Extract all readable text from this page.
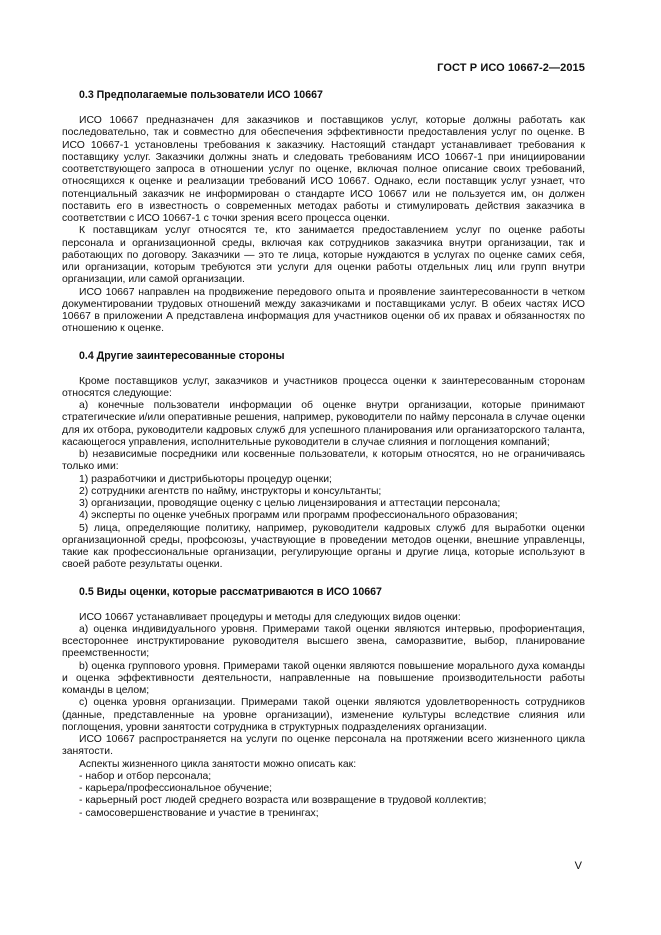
ГОСТ Р ИСО 10667-2—2015
0.3 Предполагаемые пользователи ИСО 10667

ИСО 10667 предназначен для заказчиков и поставщиков услуг, которые должны работать как последовательно, так и совместно для обеспечения эффективности предоставления услуг по оценке. В ИСО 10667-1 установлены требования к заказчику. Настоящий стандарт устанавливает требования к поставщику услуг. Заказчики должны знать и следовать требованиям ИСО 10667-1 при инициировании соответствующего запроса в отношении услуг по оценке, включая полное описание своих требований, относящихся к оценке и реализации требований ИСО 10667. Однако, если поставщик услуг узнает, что потенциальный заказчик не информирован о стандарте ИСО 10667 или не пользуется им, он должен поставить его в известность о современных методах работы и стимулировать действия заказчика в соответствии с ИСО 10667-1 с точки зрения всего процесса оценки.

К поставщикам услуг относятся те, кто занимается предоставлением услуг по оценке работы персонала и организационной среды, включая как сотрудников заказчика внутри организации, так и работающих по договору. Заказчики — это те лица, которые нуждаются в услугах по оценке самих себя, или организации, которым требуются эти услуги для оценки работы отдельных лиц или групп внутри организации, или самой организации.

ИСО 10667 направлен на продвижение передового опыта и проявление заинтересованности в четком документировании трудовых отношений между заказчиками и поставщиками услуг. В обеих частях ИСО 10667 в приложении А представлена информация для участников оценки об их правах и обязанностях по отношению к оценке.

0.4 Другие заинтересованные стороны

Кроме поставщиков услуг, заказчиков и участников процесса оценки к заинтересованным сторонам относятся следующие:

a) конечные пользователи информации об оценке внутри организации, которые принимают стратегические и/или оперативные решения, например, руководители по найму персонала в случае оценки для их отбора, руководители кадровых служб для успешного планирования или организаторского таланта, касающегося управления, исполнительные руководители в случае слияния и поглощения компаний;

b) независимые посредники или косвенные пользователи, к которым относятся, но не ограничиваясь только ими:

1) разработчики и дистрибьюторы процедур оценки;

2) сотрудники агентств по найму, инструкторы и консультанты;

3) организации, проводящие оценку с целью лицензирования и аттестации персонала;

4) эксперты по оценке учебных программ или программ профессионального образования;

5) лица, определяющие политику, например, руководители кадровых служб для выработки оценки организационной среды, профсоюзы, участвующие в проведении методов оценки, внешние управленцы, такие как профессиональные организации, регулирующие органы и другие лица, которые используют в своей работе результаты оценки.

0.5 Виды оценки, которые рассматриваются в ИСО 10667

ИСО 10667 устанавливает процедуры и методы для следующих видов оценки:

a) оценка индивидуального уровня. Примерами такой оценки являются интервью, профориентация, всестороннее инструктирование руководителя высшего звена, саморазвитие, выбор, планирование преемственности;

b) оценка группового уровня. Примерами такой оценки являются повышение морального духа команды и оценка эффективности деятельности, направленные на повышение производительности работы команды в целом;

c) оценка уровня организации. Примерами такой оценки являются удовлетворенность сотрудников (данные, представленные на уровне организации), изменение культуры вследствие слияния или поглощения, уровни занятости сотрудника в структурных подразделениях организации.

ИСО 10667 распространяется на услуги по оценке персонала на протяжении всего жизненного цикла занятости.

Аспекты жизненного цикла занятости можно описать как:

- набор и отбор персонала;

- карьера/профессиональное обучение;

- карьерный рост людей среднего возраста или возвращение в трудовой коллектив;

- самосовершенствование и участие в тренингах;

V
